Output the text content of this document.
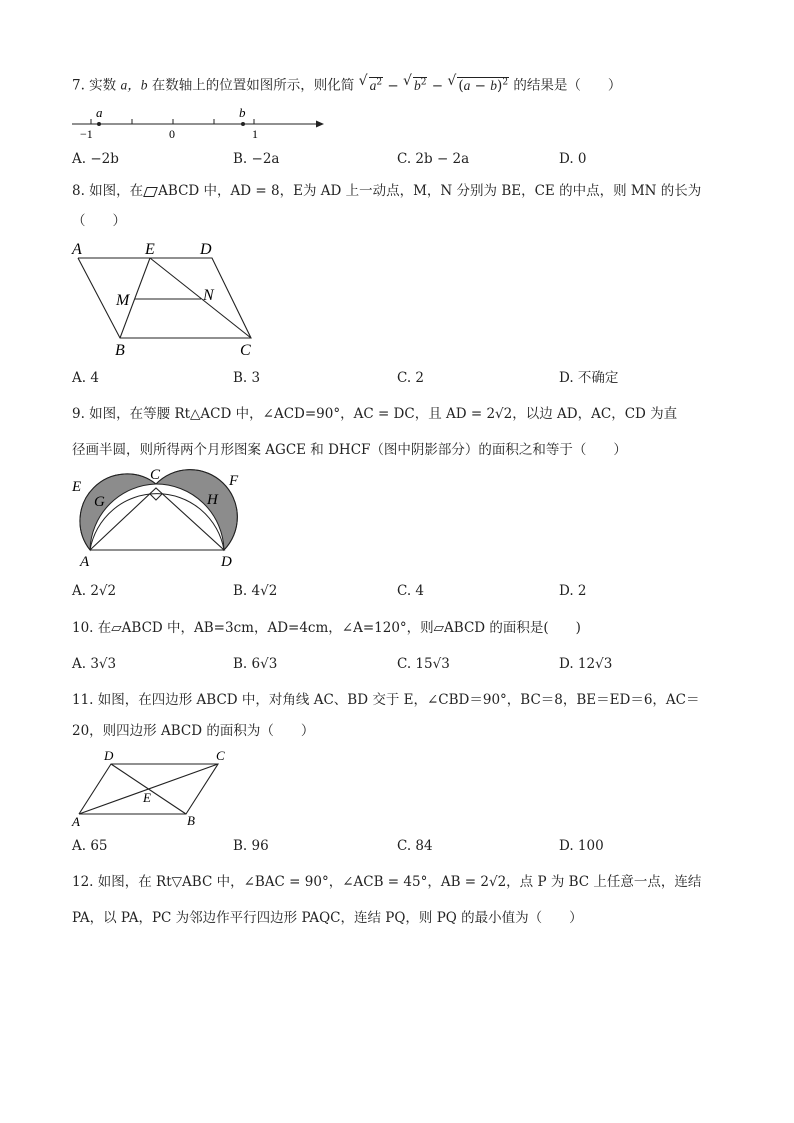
7. 实数 a，b 在数轴上的位置如图所示，则化简 √ $a^2$ − √ $b^2$ − √ $(a - b)^2$ 的结果是（　　）
a	b
−1	0	1
A. −2b	B. −2a	C. 2b − 2a	D. 0
8. 如图，在 ABCD 中，AD = 8，E为 AD 上一动点，M，N 分别为 BE，CE 的中点，则 MN 的长为
（　　）
A	E	D
M	N
B	C
A. 4	B. 3	C. 2	D. 不确定
9. 如图，在等腰 Rt△ACD 中，∠ACD=90°，AC = DC，且 AD = 2√2，以边 AD，AC，CD 为直
径画半圆，则所得两个月形图案 AGCE 和 DHCF（图中阴影部分）的面积之和等于（　　）
E
C	F
G	H
A	D
A. 2√2	B. 4√2	C. 4	D. 2
10. 在▱ABCD 中，AB=3cm，AD=4cm，∠A=120°，则▱ABCD 的面积是(　　)
A. 3√3	B. 6√3	C. 15√3	D. 12√3
11. 如图，在四边形 ABCD 中，对角线 AC、BD 交于 E，∠CBD＝90°，BC＝8，BE＝ED＝6，AC＝
20，则四边形 ABCD 的面积为（　　）
D	C
E
A	B
A. 65	B. 96	C. 84	D. 100
12. 如图，在 Rt▽ABC 中，∠BAC = 90°，∠ACB = 45°，AB = 2√2，点 P 为 BC 上任意一点，连结
PA，以 PA，PC 为邻边作平行四边形 PAQC，连结 PQ，则 PQ 的最小值为（　　）
